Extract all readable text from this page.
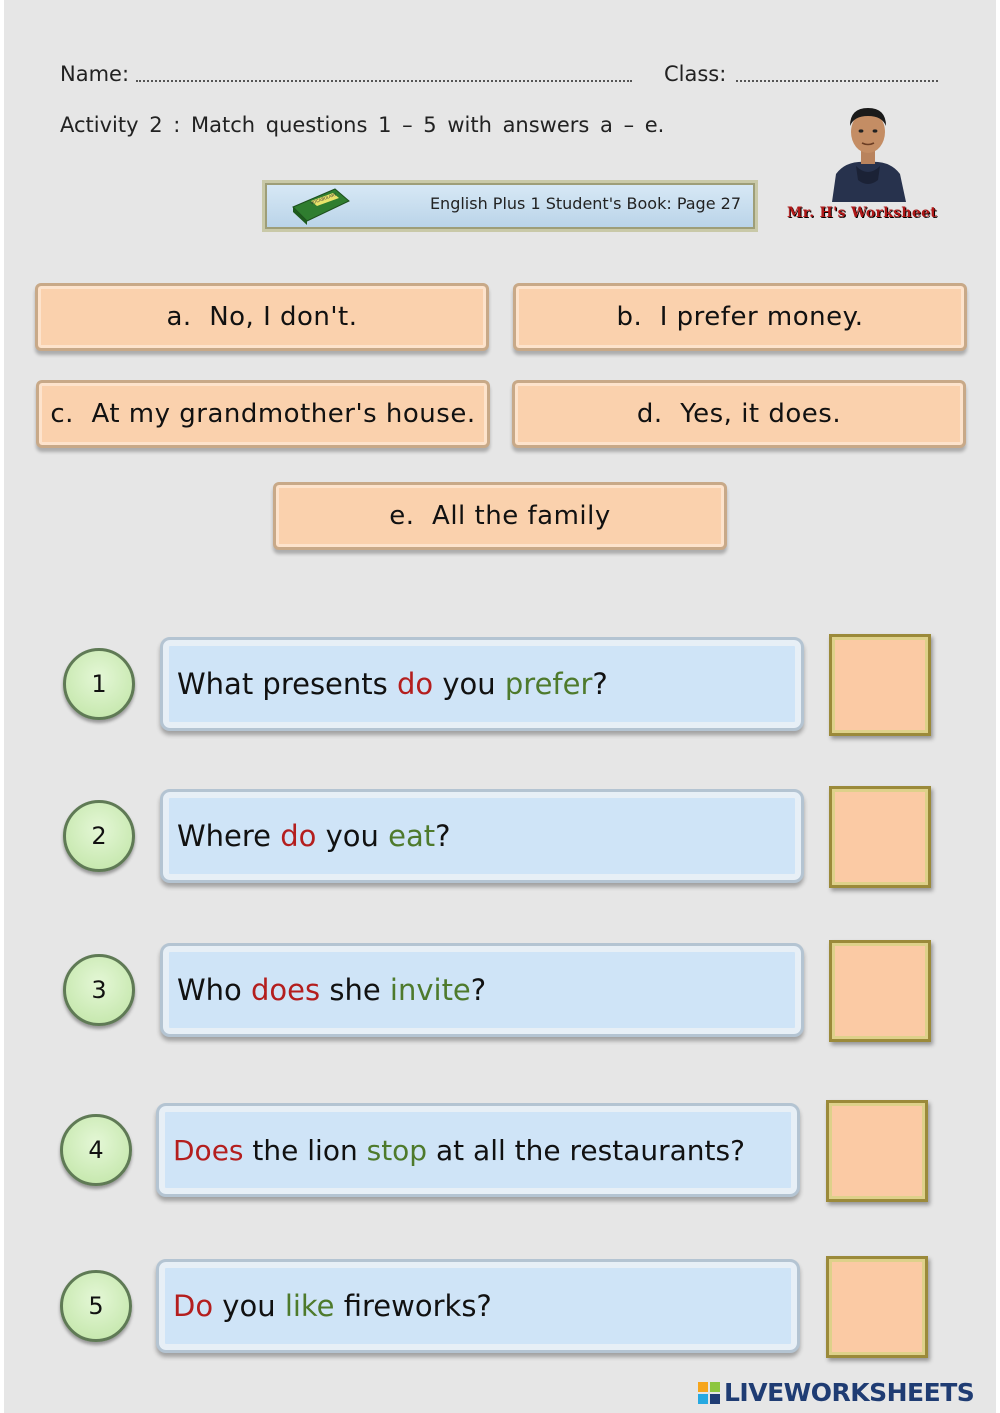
Name:	Class:
Activity 2 : Match questions 1 – 5 with answers a – e.
VOCABULARY	English Plus 1 Student's Book: Page 27	Mr. H's Worksheet
a.
No, I don't.	b.
I prefer money.
c.
At my grandmother's house.	d.
Yes, it does.
e.
All the family
1	What presents do you prefer ?
2	Where do you eat ?
3	Who does she invite ?
4	Does the lion stop at all the restaurants?
5	Do you like fireworks?
LIVEWORKSHEETS
